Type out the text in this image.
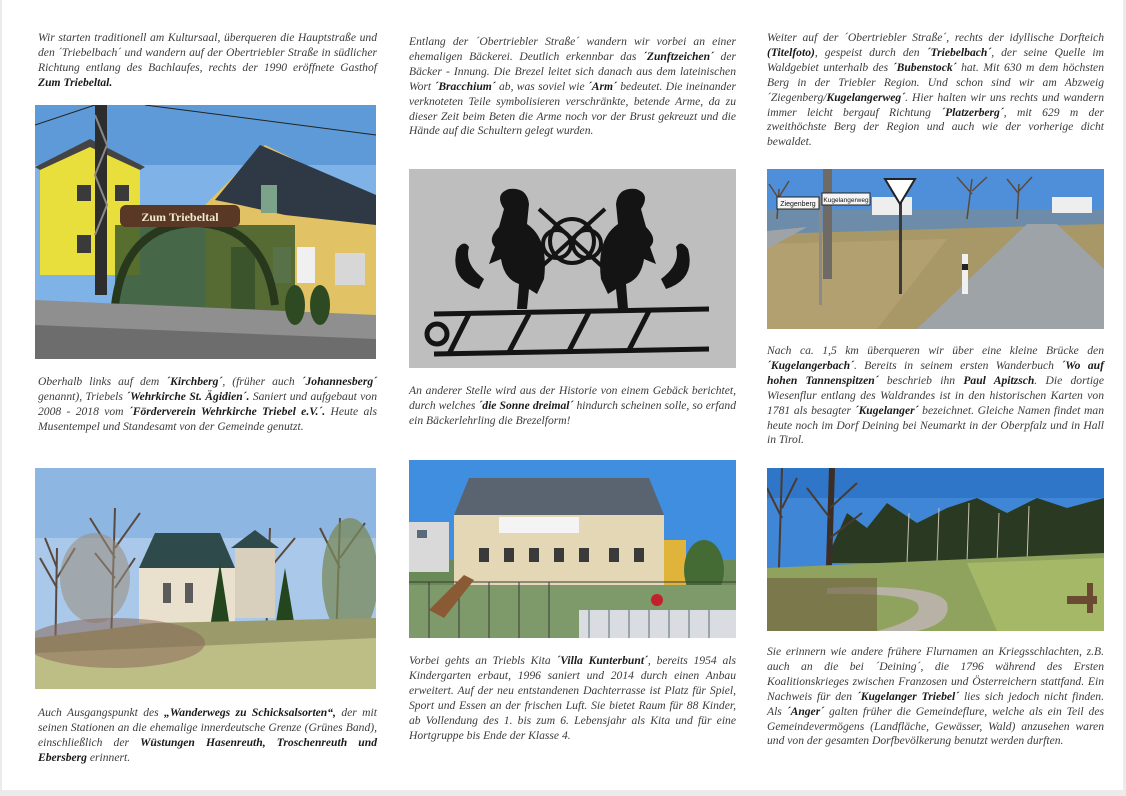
Wir starten traditionell am Kultursaal, überqueren die Hauptstraße und den ´Triebelbach´ und wandern auf der Obertriebler Straße in südlicher Richtung entlang des Bachlaufes, rechts der 1990 eröffnete Gasthof Zum Triebeltal.

Zum Triebeltal

Oberhalb links auf dem ´Kirchberg´, (früher auch ´Johannesberg´ genannt), Triebels ´Wehrkirche St. Ägidien´. Saniert und aufgebaut von 2008 - 2018 vom ´Förderverein Wehrkirche Triebel e.V.´. Heute als Musentempel und Standesamt von der Gemeinde genutzt.

Auch Ausgangspunkt des „Wanderwegs zu Schicksalsorten“, der mit seinen Stationen an die ehemalige innerdeutsche Grenze (Grünes Band), einschließlich der Wüstungen Hasenreuth, Troschenreuth und Ebersberg erinnert.

Entlang der ´Obertriebler Straße´ wandern wir vorbei an einer ehemaligen Bäckerei. Deutlich erkennbar das ´Zunftzeichen´ der Bäcker - Innung. Die Brezel leitet sich danach aus dem lateinischen Wort ´Bracchium´ ab, was soviel wie ´Arm´ bedeutet. Die ineinander verknoteten Teile symbolisieren verschränkte, betende Arme, da zu dieser Zeit beim Beten die Arme noch vor der Brust gekreuzt und die Hände auf die Schultern gelegt wurden.

An anderer Stelle wird aus der Historie von einem Gebäck berichtet, durch welches ´die Sonne dreimal´ hindurch scheinen solle, so erfand ein Bäckerlehrling die Brezelform!

Vorbei gehts an Triebls Kita ´Villa Kunterbunt´, bereits 1954 als Kindergarten erbaut, 1996 saniert und 2014 durch einen Anbau erweitert. Auf der neu entstandenen Dachterrasse ist Platz für Spiel, Sport und Essen an der frischen Luft. Sie bietet Raum für 88 Kinder, ab Vollendung des 1. bis zum 6. Lebensjahr als Kita und für eine Hortgruppe bis Ende der Klasse 4.

Weiter auf der ´Obertriebler Straße´, rechts der idyllische Dorfteich (Titelfoto), gespeist durch den ´Triebelbach´, der seine Quelle im Waldgebiet unterhalb des ´Bubenstock´ hat. Mit 630 m dem höchsten Berg in der Triebler Region. Und schon sind wir am Abzweig ´Ziegenberg/Kugelangerweg´. Hier halten wir uns rechts und wandern immer leicht bergauf Richtung ´Platzerberg´, mit 629 m der zweithöchste Berg der Region und auch wie der vorherige dicht bewaldet.

Ziegenberg
Kugelangerweg

Nach ca. 1,5 km überqueren wir über eine kleine Brücke den ´Kugelangerbach´. Bereits in seinem ersten Wanderbuch ´Wo auf hohen Tannenspitzen´ beschrieb ihn Paul Apitzsch. Die dortige Wiesenflur entlang des Waldrandes ist in den historischen Karten von 1781 als besagter ´Kugelanger´ bezeichnet. Gleiche Namen findet man heute noch im Dorf Deining bei Neumarkt in der Oberpfalz und in Hall in Tirol.

Sie erinnern wie andere frühere Flurnamen an Kriegsschlachten, z.B. auch an die bei ´Deining´, die 1796 während des Ersten Koalitionskrieges zwischen Franzosen und Österreichern stattfand. Ein Nachweis für den ´Kugelanger Triebel´ lies sich jedoch nicht finden. Als ´Anger´ galten früher die Gemeindeflure, welche als ein Teil des Gemeindevermögens (Landfläche, Gewässer, Wald) anzusehen waren und von der gesamten Dorfbevölkerung benutzt werden durften.
